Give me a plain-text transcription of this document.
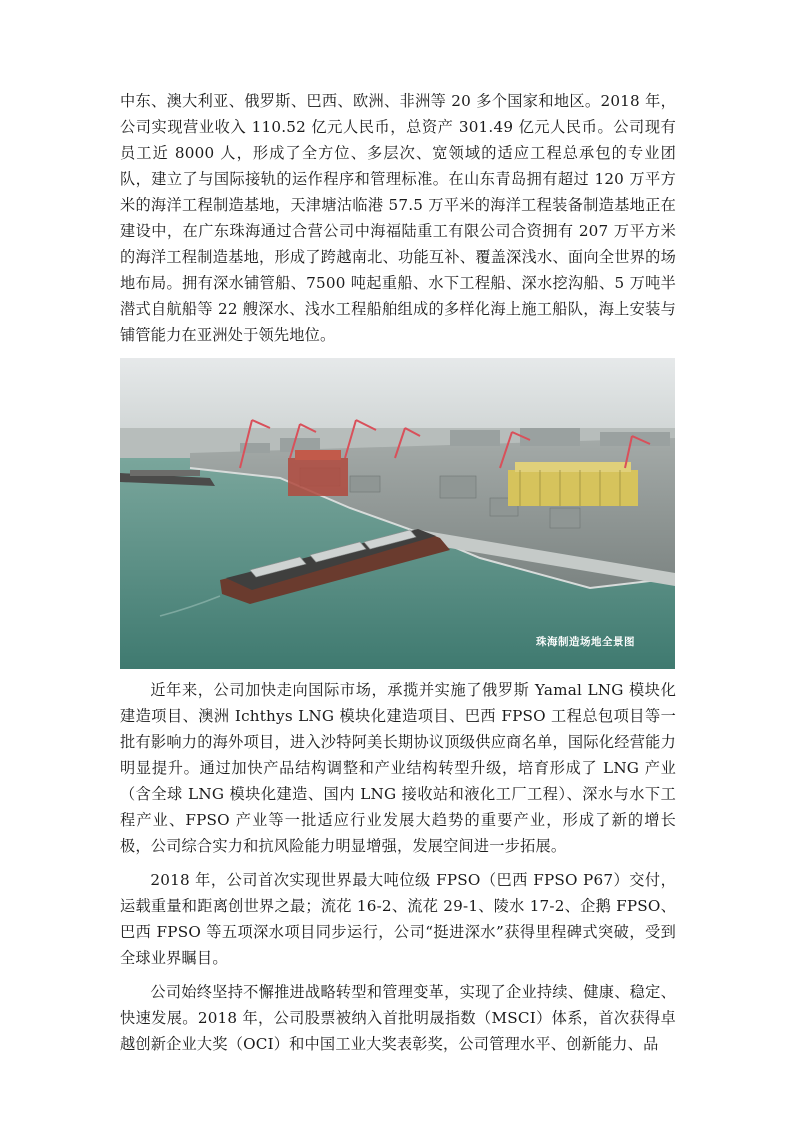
中东、澳大利亚、俄罗斯、巴西、欧洲、非洲等 20 多个国家和地区。2018 年，公司实现营业收入 110.52 亿元人民币，总资产 301.49 亿元人民币。公司现有员工近 8000 人，形成了全方位、多层次、宽领域的适应工程总承包的专业团队，建立了与国际接轨的运作程序和管理标准。在山东青岛拥有超过 120 万平方米的海洋工程制造基地，天津塘沽临港 57.5 万平米的海洋工程装备制造基地正在建设中，在广东珠海通过合营公司中海福陆重工有限公司合资拥有 207 万平方米的海洋工程制造基地，形成了跨越南北、功能互补、覆盖深浅水、面向全世界的场地布局。拥有深水铺管船、7500 吨起重船、水下工程船、深水挖沟船、5 万吨半潜式自航船等 22 艘深水、浅水工程船舶组成的多样化海上施工船队，海上安装与铺管能力在亚洲处于领先地位。

珠海制造场地全景图

近年来，公司加快走向国际市场，承揽并实施了俄罗斯 Yamal LNG 模块化建造项目、澳洲 Ichthys LNG 模块化建造项目、巴西 FPSO 工程总包项目等一批有影响力的海外项目，进入沙特阿美长期协议顶级供应商名单，国际化经营能力明显提升。通过加快产品结构调整和产业结构转型升级，培育形成了 LNG 产业（含全球 LNG 模块化建造、国内 LNG 接收站和液化工厂工程）、深水与水下工程产业、FPSO 产业等一批适应行业发展大趋势的重要产业，形成了新的增长极，公司综合实力和抗风险能力明显增强，发展空间进一步拓展。

2018 年，公司首次实现世界最大吨位级 FPSO（巴西 FPSO P67）交付，运载重量和距离创世界之最；流花 16-2、流花 29-1、陵水 17-2、企鹅 FPSO、巴西 FPSO 等五项深水项目同步运行，公司“挺进深水”获得里程碑式突破，受到全球业界瞩目。

公司始终坚持不懈推进战略转型和管理变革，实现了企业持续、健康、稳定、快速发展。2018 年，公司股票被纳入首批明晟指数（MSCI）体系，首次获得卓越创新企业大奖（OCI）和中国工业大奖表彰奖，公司管理水平、创新能力、品
